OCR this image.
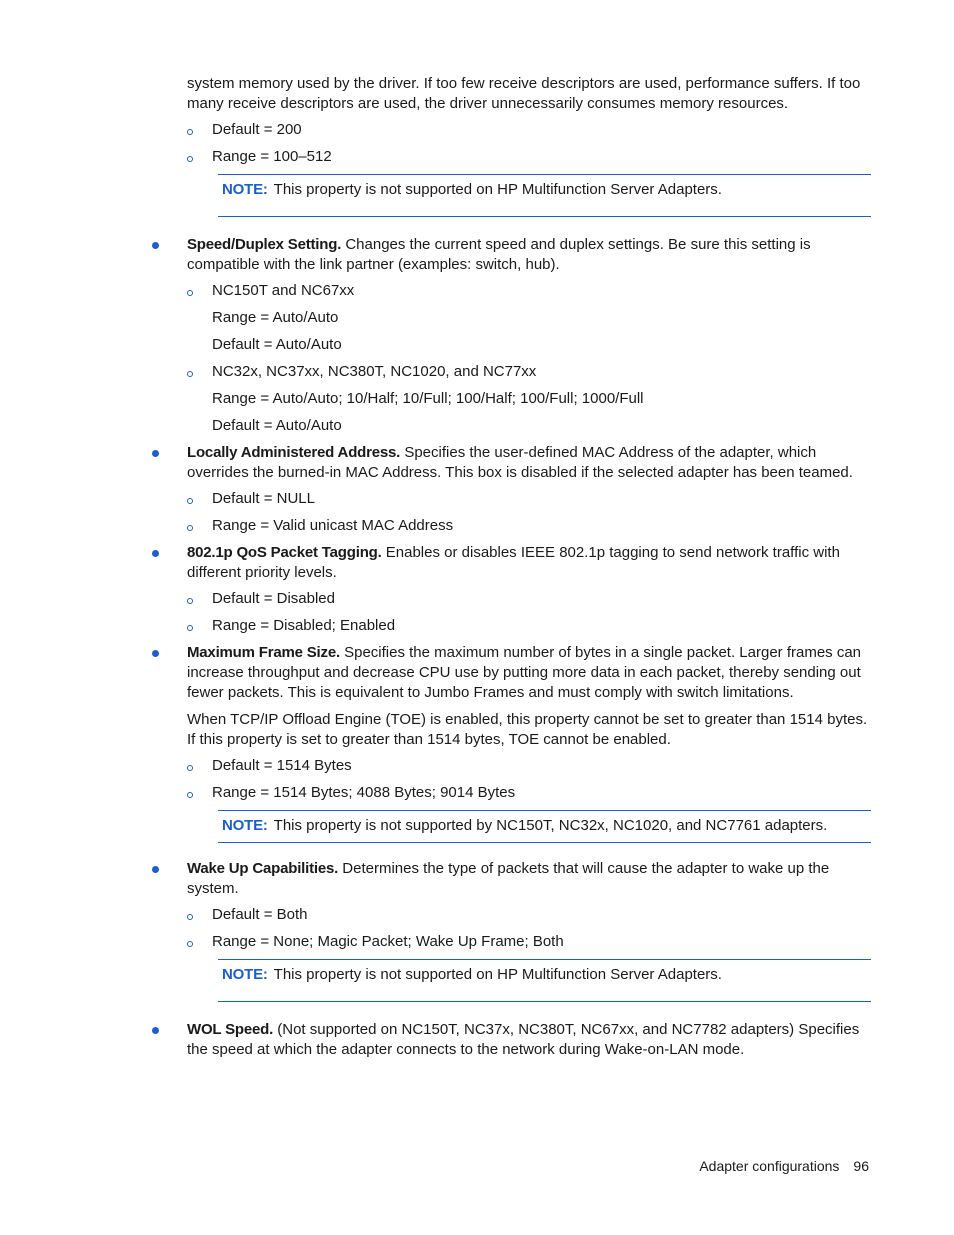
system memory used by the driver. If too few receive descriptors are used, performance suffers. If too many receive descriptors are used, the driver unnecessarily consumes memory resources.

Default = 200
Range = 100–512
NOTE: This property is not supported on HP Multifunction Server Adapters.

Speed/Duplex Setting. Changes the current speed and duplex settings. Be sure this setting is compatible with the link partner (examples: switch, hub).

NC150T and NC67xx
Range = Auto/Auto
Default = Auto/Auto
NC32x, NC37xx, NC380T, NC1020, and NC77xx
Range = Auto/Auto; 10/Half; 10/Full; 100/Half; 100/Full; 1000/Full
Default = Auto/Auto

Locally Administered Address. Specifies the user-defined MAC Address of the adapter, which overrides the burned-in MAC Address. This box is disabled if the selected adapter has been teamed.

Default = NULL
Range = Valid unicast MAC Address

802.1p QoS Packet Tagging. Enables or disables IEEE 802.1p tagging to send network traffic with different priority levels.

Default = Disabled
Range = Disabled; Enabled

Maximum Frame Size. Specifies the maximum number of bytes in a single packet. Larger frames can increase throughput and decrease CPU use by putting more data in each packet, thereby sending out fewer packets. This is equivalent to Jumbo Frames and must comply with switch limitations.

When TCP/IP Offload Engine (TOE) is enabled, this property cannot be set to greater than 1514 bytes. If this property is set to greater than 1514 bytes, TOE cannot be enabled.

Default = 1514 Bytes
Range = 1514 Bytes; 4088 Bytes; 9014 Bytes
NOTE: This property is not supported by NC150T, NC32x, NC1020, and NC7761 adapters.

Wake Up Capabilities. Determines the type of packets that will cause the adapter to wake up the system.

Default = Both
Range = None; Magic Packet; Wake Up Frame; Both
NOTE: This property is not supported on HP Multifunction Server Adapters.

WOL Speed. (Not supported on NC150T, NC37x, NC380T, NC67xx, and NC7782 adapters) Specifies the speed at which the adapter connects to the network during Wake-on-LAN mode.

Adapter configurations 96
